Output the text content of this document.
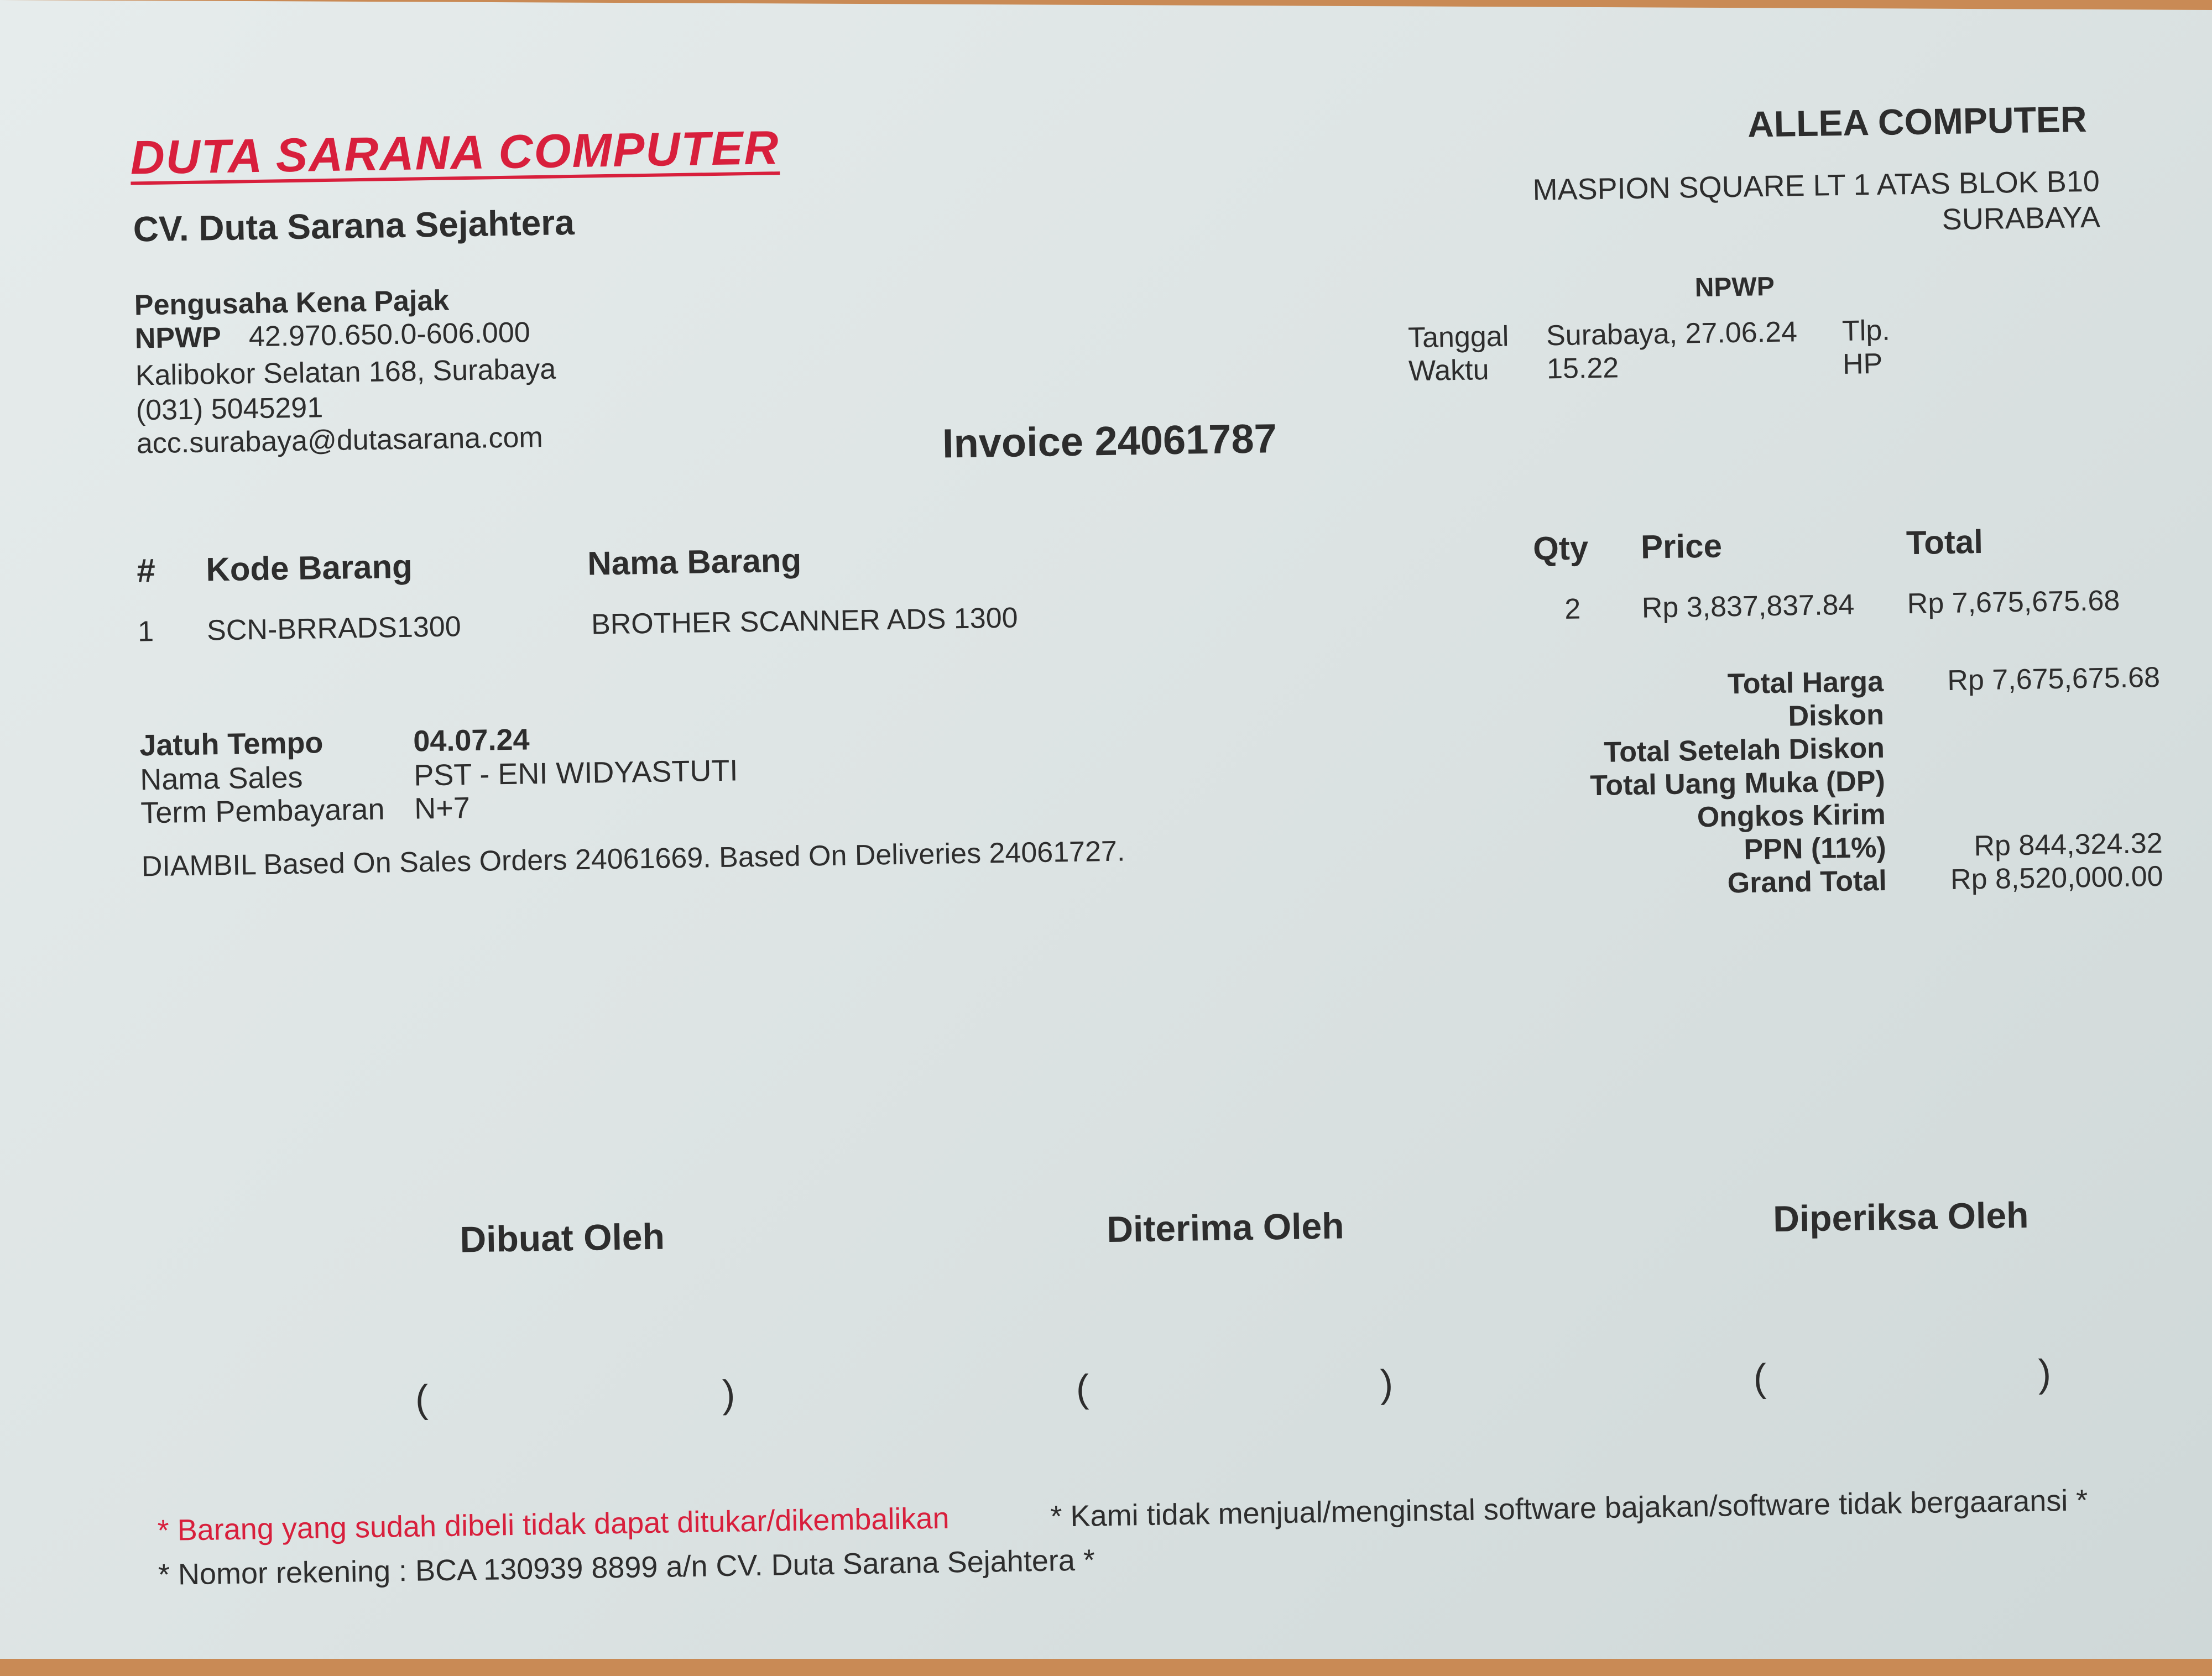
DUTA SARANA COMPUTER
CV. Duta Sarana Sejahtera
Pengusaha Kena Pajak
NPWP 42.970.650.0-606.000
Kalibokor Selatan 168, Surabaya
(031) 5045291
acc.surabaya@dutasarana.com
ALLEA COMPUTER
MASPION SQUARE LT 1 ATAS BLOK B10
SURABAYA
NPWP
Tanggal Surabaya, 27.06.24 Tlp.
Waktu 15.22	HP
Invoice 24061787
# Kode Barang	Nama Barang	Qty Price	Total
1 SCN-BRRADS1300	BROTHER SCANNER ADS 1300	2	Rp 3,837,837.84 Rp 7,675,675.68
Jatuh Tempo	04.07.24
Nama Sales	PST - ENI WIDYASTUTI
Term Pembayaran N+7
DIAMBIL Based On Sales Orders 24061669. Based On Deliveries 24061727.
Total Harga	Rp 7,675,675.68
Diskon
Total Setelah Diskon
Total Uang Muka (DP)
Ongkos Kirim
PPN (11%)	Rp 844,324.32
Grand Total	Rp 8,520,000.00
Dibuat Oleh	Diterima Oleh	Diperiksa Oleh
(	)	(	)	(	)
* Barang yang sudah dibeli tidak dapat ditukar/dikembalikan	* Kami tidak menjual/menginstal software bajakan/software tidak bergaaransi *
* Nomor rekening : BCA 130939 8899 a/n CV. Duta Sarana Sejahtera *
